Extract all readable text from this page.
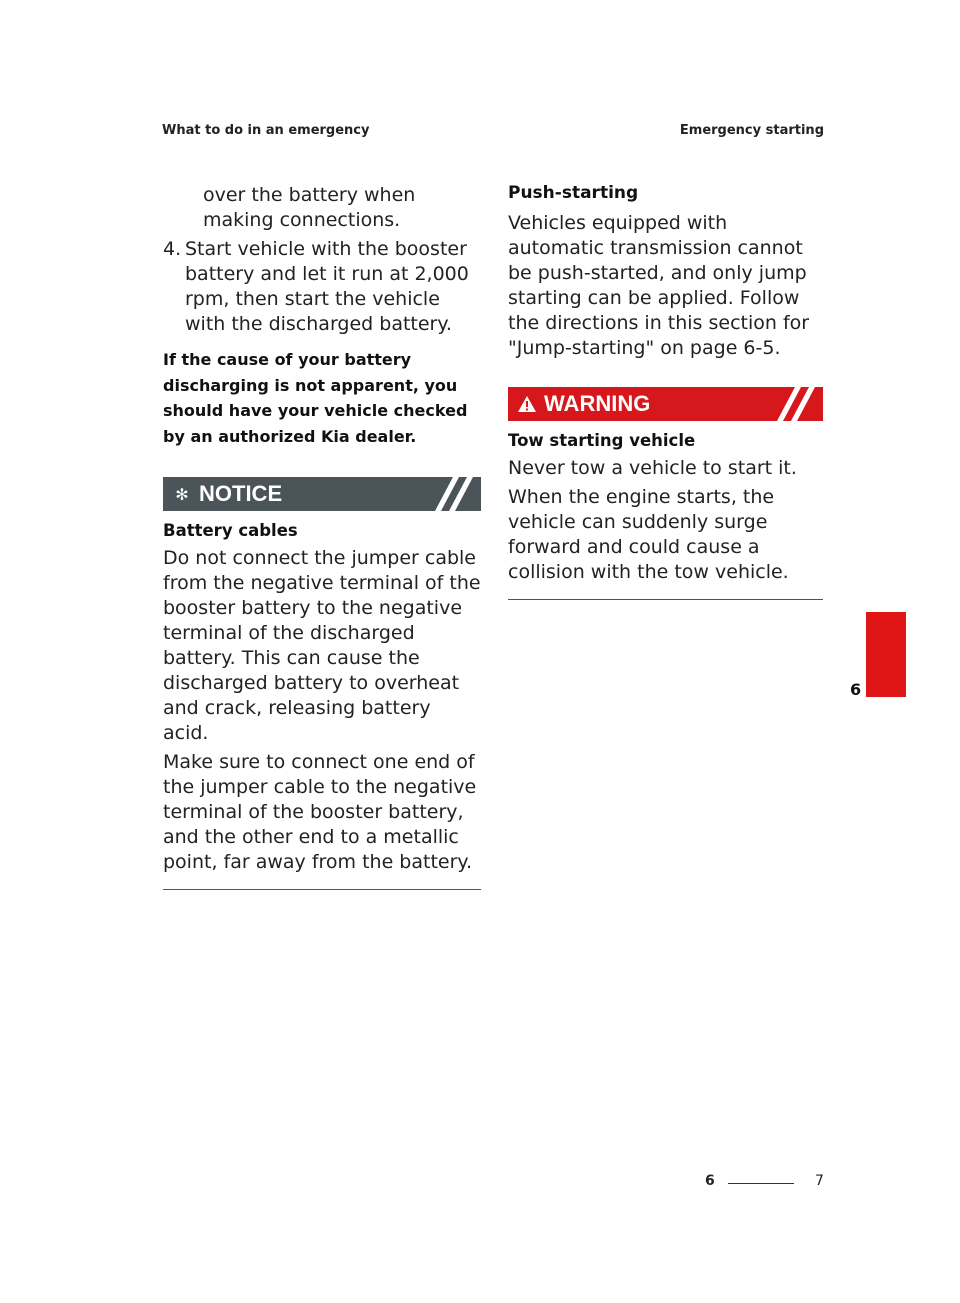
What to do in an emergency	Emergency starting

over the battery when making connections.

4. Start vehicle with the booster battery and let it run at 2,000 rpm, then start the vehicle with the discharged battery.

If the cause of your battery discharging is not apparent, you should have your vehicle checked by an authorized Kia dealer.

✻ NOTICE
Battery cables

Do not connect the jumper cable from the negative terminal of the booster battery to the negative terminal of the discharged battery. This can cause the discharged battery to overheat and crack, releasing battery acid.

Make sure to connect one end of the jumper cable to the negative terminal of the booster battery, and the other end to a metallic point, far away from the battery.

Push-starting

Vehicles equipped with automatic transmission cannot be push-started, and only jump starting can be applied. Follow the directions in this section for "Jump-starting" on page 6-5.

WARNING
Tow starting vehicle

Never tow a vehicle to start it.

When the engine starts, the vehicle can suddenly surge forward and could cause a collision with the tow vehicle.

6
6	7
